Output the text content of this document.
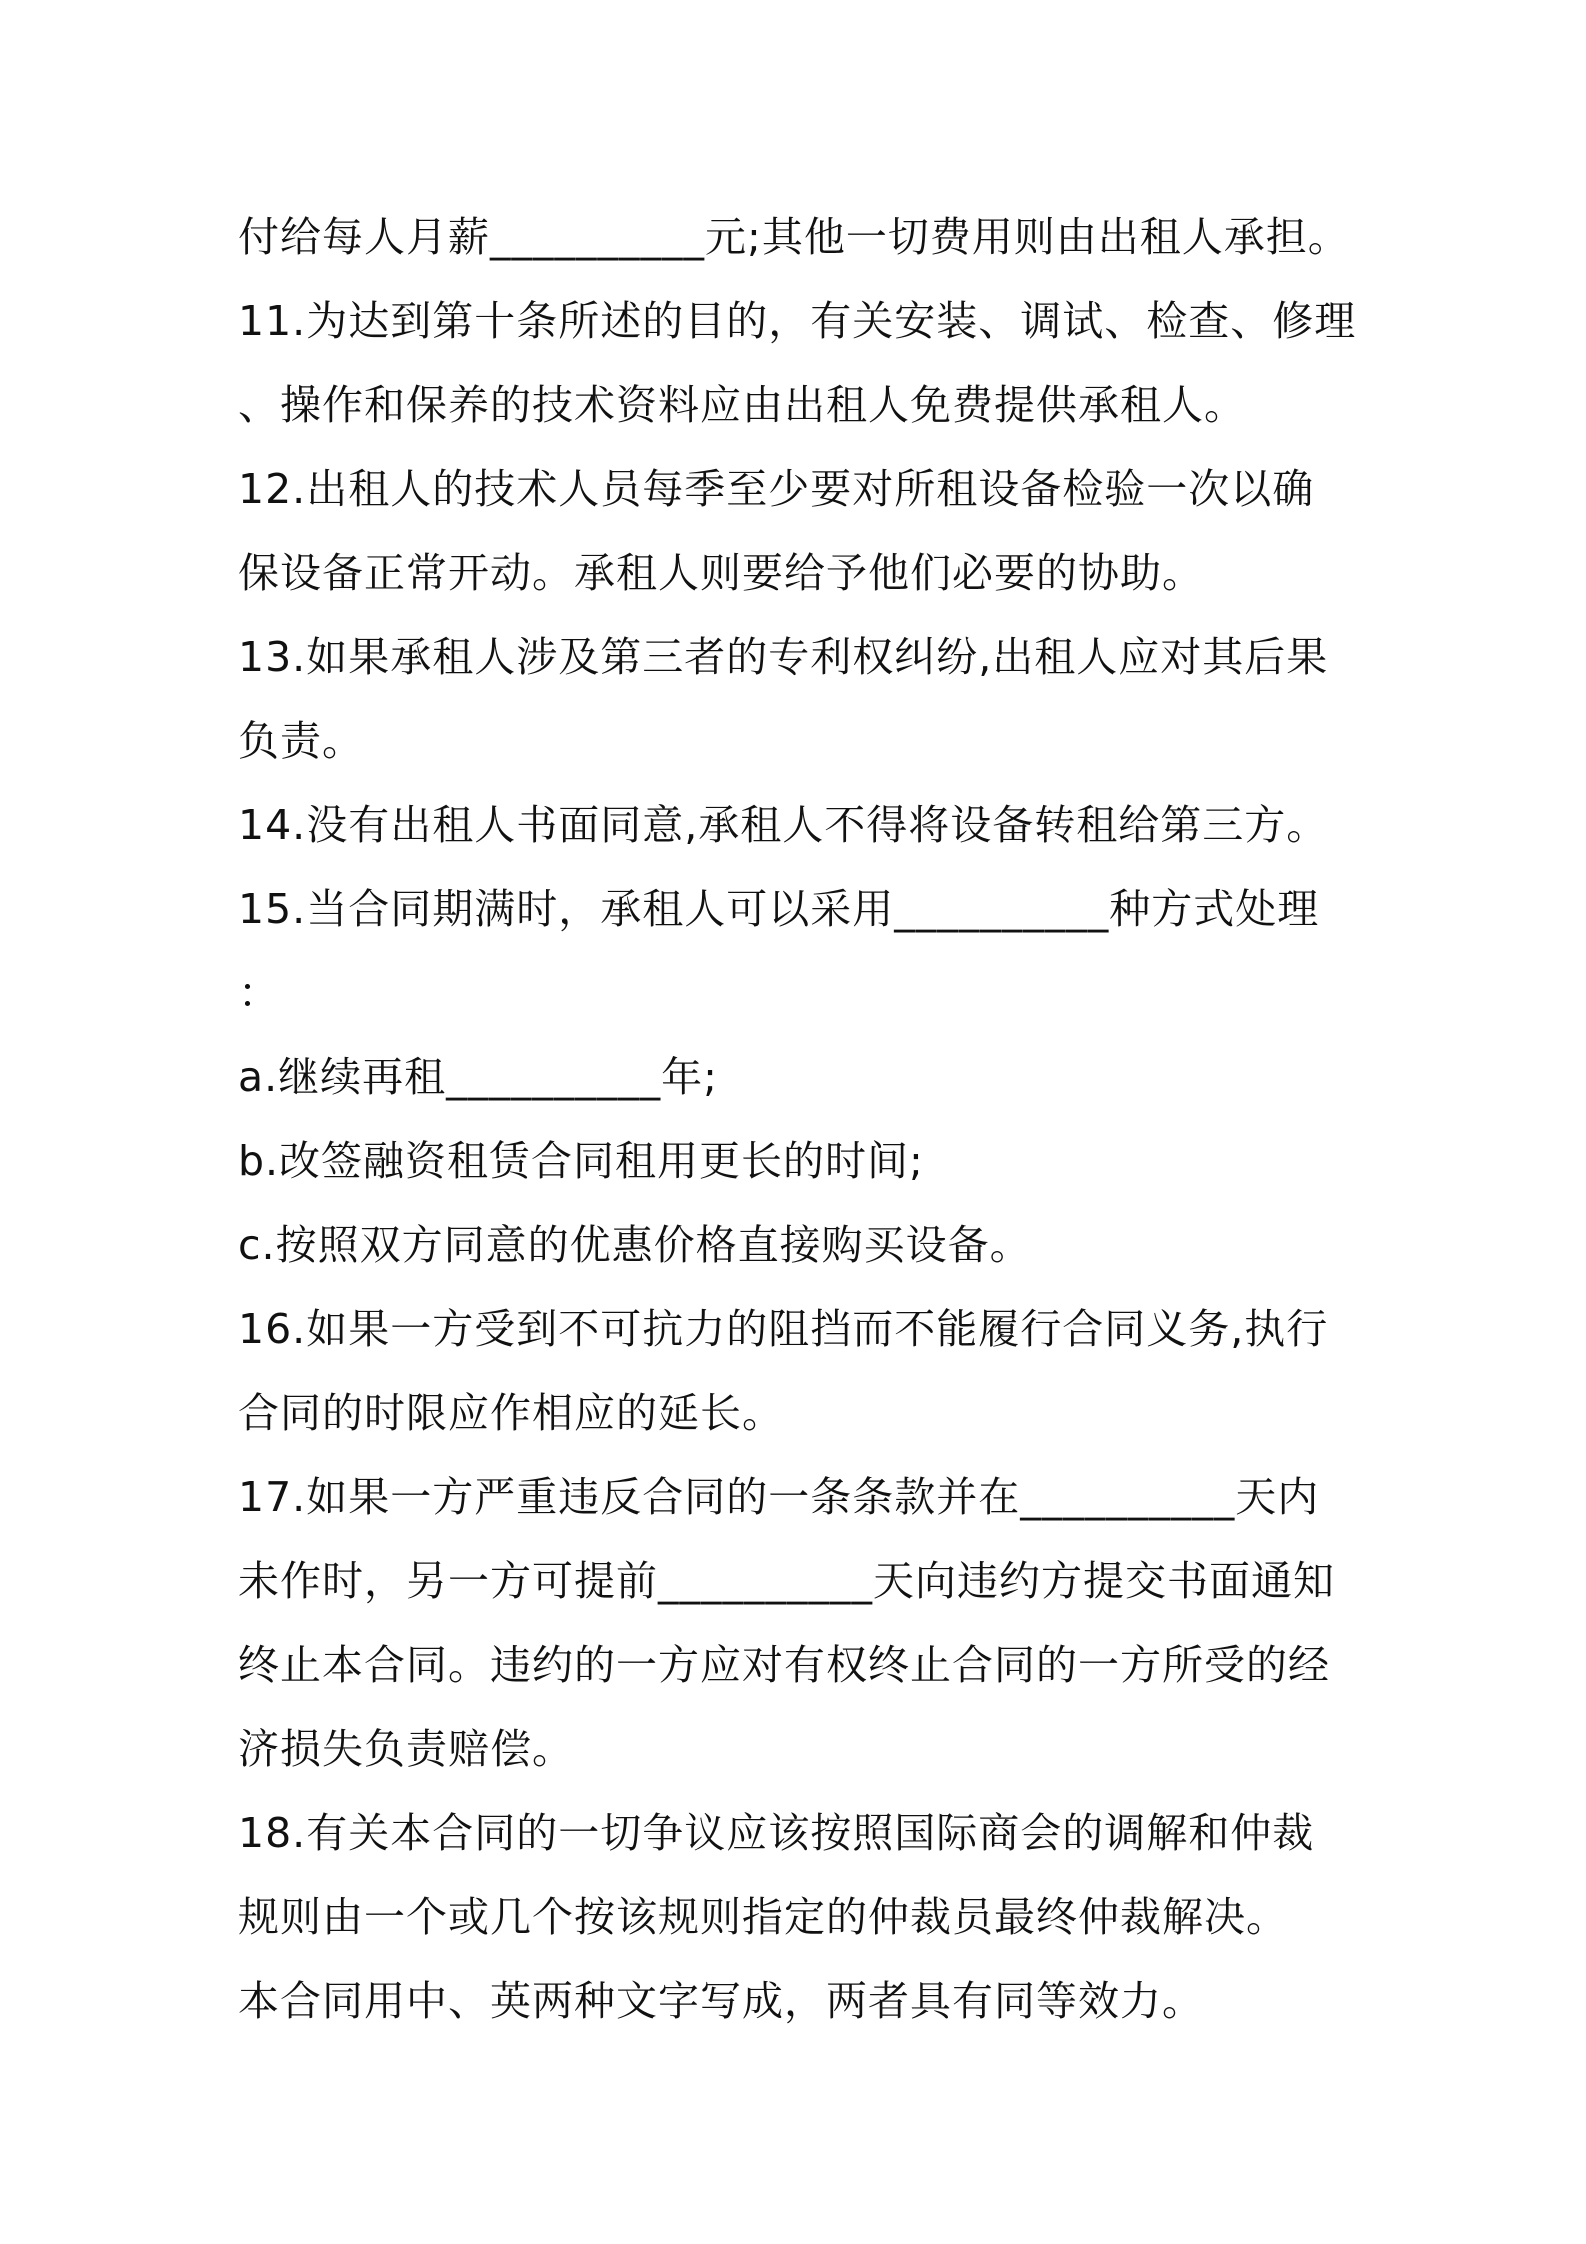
付给每人月薪__________元;其他一切费用则由出租人承担。
11.为达到第十条所述的目的，有关安装、调试、检查、修理
、操作和保养的技术资料应由出租人免费提供承租人。
12.出租人的技术人员每季至少要对所租设备检验一次以确
保设备正常开动。承租人则要给予他们必要的协助。
13.如果承租人涉及第三者的专利权纠纷,出租人应对其后果
负责。
14.没有出租人书面同意,承租人不得将设备转租给第三方。
15.当合同期满时，承租人可以采用__________种方式处理
：
a.继续再租__________年;
b.改签融资租赁合同租用更长的时间;
c.按照双方同意的优惠价格直接购买设备。
16.如果一方受到不可抗力的阻挡而不能履行合同义务,执行
合同的时限应作相应的延长。
17.如果一方严重违反合同的一条条款并在__________天内
未作时，另一方可提前__________天向违约方提交书面通知
终止本合同。违约的一方应对有权终止合同的一方所受的经
济损失负责赔偿。
18.有关本合同的一切争议应该按照国际商会的调解和仲裁
规则由一个或几个按该规则指定的仲裁员最终仲裁解决。
本合同用中、英两种文字写成，两者具有同等效力。
